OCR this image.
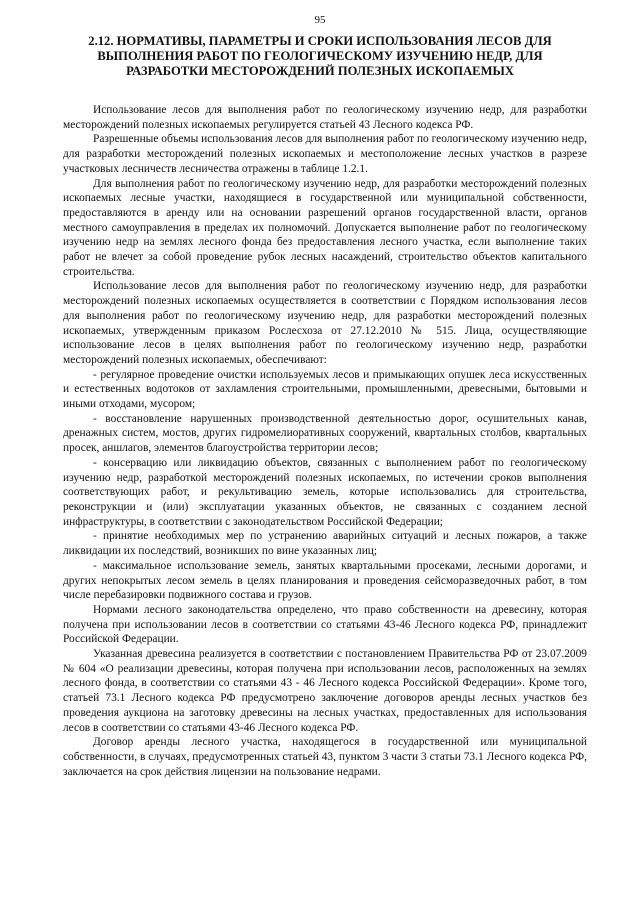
95
2.12. НОРМАТИВЫ, ПАРАМЕТРЫ И СРОКИ ИСПОЛЬЗОВАНИЯ ЛЕСОВ ДЛЯ ВЫПОЛНЕНИЯ РАБОТ ПО ГЕОЛОГИЧЕСКОМУ ИЗУЧЕНИЮ НЕДР, ДЛЯ РАЗРАБОТКИ МЕСТОРОЖДЕНИЙ ПОЛЕЗНЫХ ИСКОПАЕМЫХ

Использование лесов для выполнения работ по геологическому изучению недр, для разработки месторождений полезных ископаемых регулируется статьей 43 Лесного кодекса РФ.

Разрешенные объемы использования лесов для выполнения работ по геологическому изучению недр, для разработки месторождений полезных ископаемых и местоположение лесных участков в разрезе участковых лесничеств лесничества отражены в таблице 1.2.1.

Для выполнения работ по геологическому изучению недр, для разработки месторождений полезных ископаемых лесные участки, находящиеся в государственной или муниципальной собственности, предоставляются в аренду или на основании разрешений органов государственной власти, органов местного самоуправления в пределах их полномочий. Допускается выполнение работ по геологическому изучению недр на землях лесного фонда без предоставления лесного участка, если выполнение таких работ не влечет за собой проведение рубок лесных насаждений, строительство объектов капитального строительства.

Использование лесов для выполнения работ по геологическому изучению недр, для разработки месторождений полезных ископаемых осуществляется в соответствии с Порядком использования лесов для выполнения работ по геологическому изучению недр, для разработки месторождений полезных ископаемых, утвержденным приказом Рослесхоза от 27.12.2010 № 515. Лица, осуществляющие использование лесов в целях выполнения работ по геологическому изучению недр, разработки месторождений полезных ископаемых, обеспечивают:

- регулярное проведение очистки используемых лесов и примыкающих опушек леса искусственных и естественных водотоков от захламления строительными, промышленными, древесными, бытовыми и иными отходами, мусором;

- восстановление нарушенных производственной деятельностью дорог, осушительных канав, дренажных систем, мостов, других гидромелиоративных сооружений, квартальных столбов, квартальных просек, аншлагов, элементов благоустройства территории лесов;

- консервацию или ликвидацию объектов, связанных с выполнением работ по геологическому изучению недр, разработкой месторождений полезных ископаемых, по истечении сроков выполнения соответствующих работ, и рекультивацию земель, которые использовались для строительства, реконструкции и (или) эксплуатации указанных объектов, не связанных с созданием лесной инфраструктуры, в соответствии с законодательством Российской Федерации;

- принятие необходимых мер по устранению аварийных ситуаций и лесных пожаров, а также ликвидации их последствий, возникших по вине указанных лиц;

- максимальное использование земель, занятых квартальными просеками, лесными дорогами, и других непокрытых лесом земель в целях планирования и проведения сейсморазведочных работ, в том числе перебазировки подвижного состава и грузов.

Нормами лесного законодательства определено, что право собственности на древесину, которая получена при использовании лесов в соответствии со статьями 43-46 Лесного кодекса РФ, принадлежит Российской Федерации.

Указанная древесина реализуется в соответствии с постановлением Правительства РФ от 23.07.2009 № 604 «О реализации древесины, которая получена при использовании лесов, расположенных на землях лесного фонда, в соответствии со статьями 43 - 46 Лесного кодекса Российской Федерации». Кроме того, статьей 73.1 Лесного кодекса РФ предусмотрено заключение договоров аренды лесных участков без проведения аукциона на заготовку древесины на лесных участках, предоставленных для использования лесов в соответствии со статьями 43-46 Лесного кодекса РФ.

Договор аренды лесного участка, находящегося в государственной или муниципальной собственности, в случаях, предусмотренных статьей 43, пунктом 3 части 3 статьи 73.1 Лесного кодекса РФ, заключается на срок действия лицензии на пользование недрами.
